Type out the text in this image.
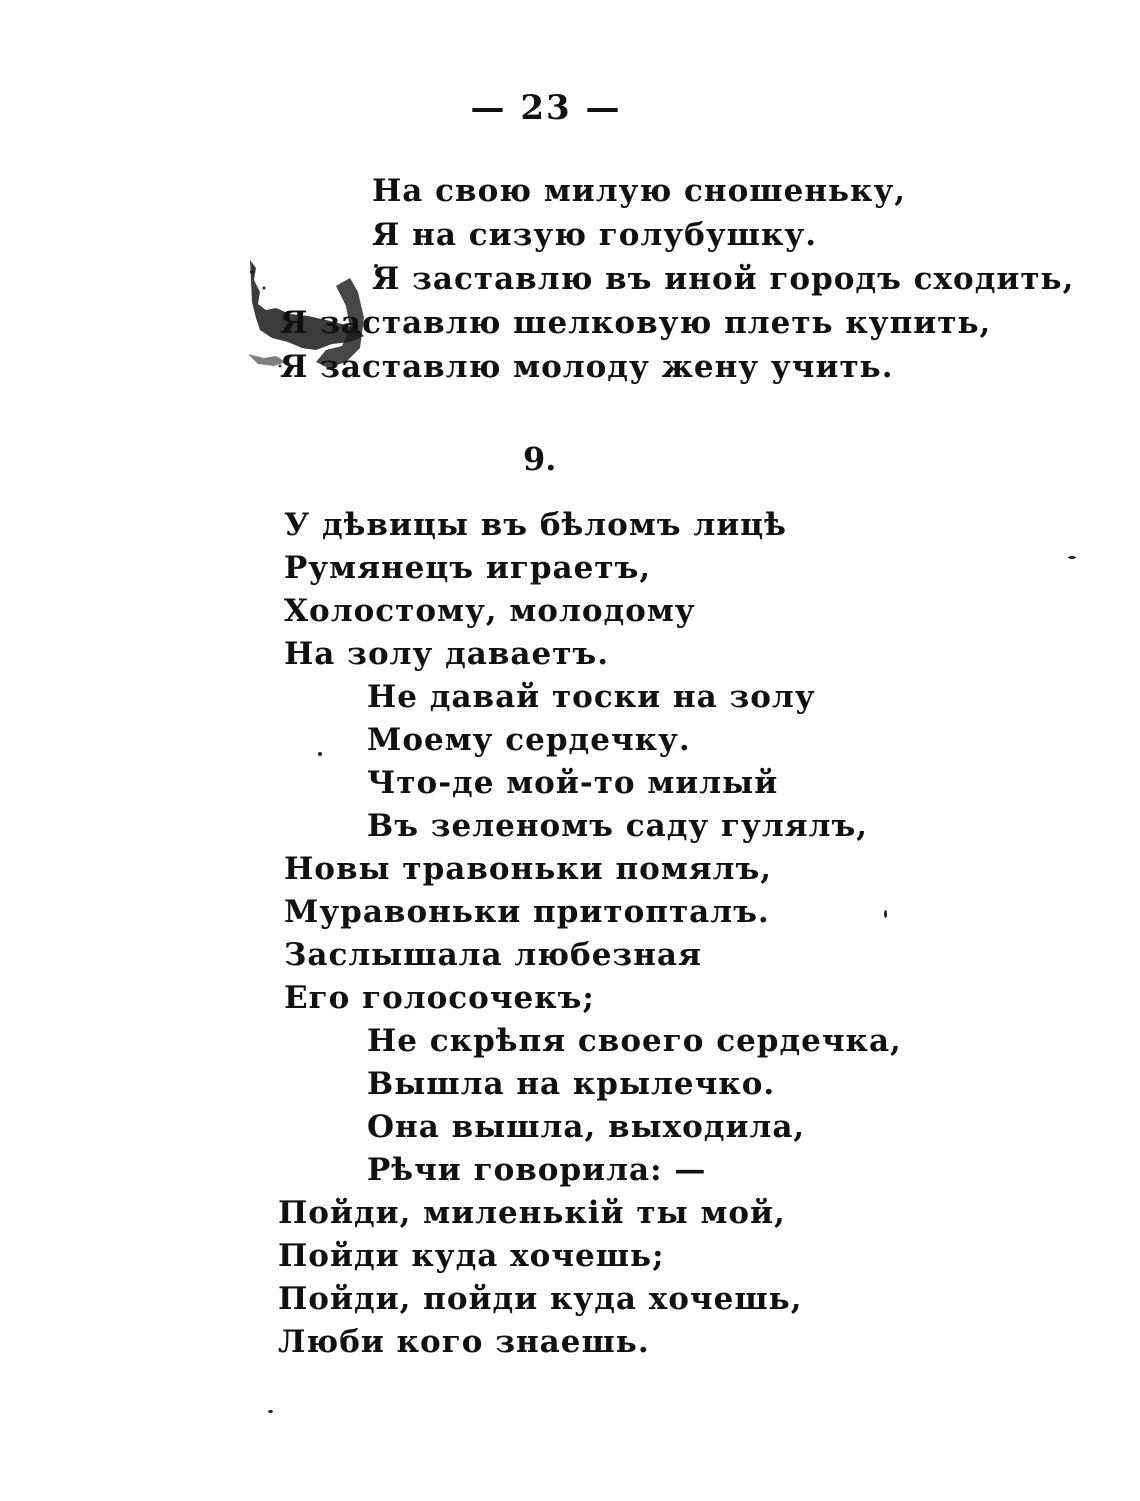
— 23 —
На свою милую сношеньку,
Я на сизую голубушку.
Я заставлю въ иной городъ сходить,
Я заставлю шелковую плеть купить,
Я заставлю молоду жену учить.
9.
У дѣвицы въ бѣломъ лицѣ
Румянецъ играетъ,
Холостому, молодому
На золу даваетъ.
Не давай тоски на золу
Моему сердечку.
Что-де мой-то милый
Въ зеленомъ саду гулялъ,
Новы травоньки помялъ,
Муравоньки притопталъ.
Заслышала любезная
Его голосочекъ;
Не скрѣпя своего сердечка,
Вышла на крылечко.
Она вышла, выходила,
Рѣчи говорила: —
Пойди, миленькій ты мой,
Пойди куда хочешь;
Пойди, пойди куда хочешь,
Люби кого знаешь.
